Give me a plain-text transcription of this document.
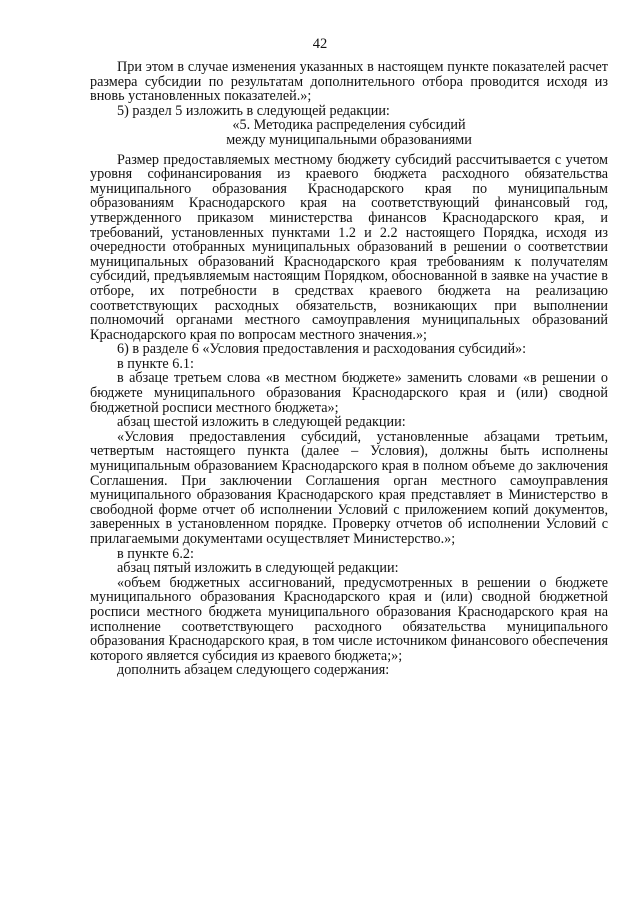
42

При этом в случае изменения указанных в настоящем пункте показателей расчет размера субсидии по результатам дополнительного отбора проводится исходя из вновь установленных показателей.»;

5) раздел 5 изложить в следующей редакции:

«5. Методика распределения субсидий

между муниципальными образованиями

Размер предоставляемых местному бюджету субсидий рассчитывается с учетом уровня софинансирования из краевого бюджета расходного обязательства муниципального образования Краснодарского края по муниципальным образованиям Краснодарского края на соответствующий финансовый год, утвержденного приказом министерства финансов Краснодарского края, и требований, установленных пунктами 1.2 и 2.2 настоящего Порядка, исходя из очередности отобранных муниципальных образований в решении о соответствии муниципальных образований Краснодарского края требованиям к получателям субсидий, предъявляемым настоящим Порядком, обоснованной в заявке на участие в отборе, их потребности в средствах краевого бюджета на реализацию соответствующих расходных обязательств, возникающих при выполнении полномочий органами местного самоуправления муниципальных образований Краснодарского края по вопросам местного значения.»;

6) в разделе 6 «Условия предоставления и расходования субсидий»:

в пункте 6.1:

в абзаце третьем слова «в местном бюджете» заменить словами «в решении о бюджете муниципального образования Краснодарского края и (или) сводной бюджетной росписи местного бюджета»;

абзац шестой изложить в следующей редакции:

«Условия предоставления субсидий, установленные абзацами третьим, четвертым настоящего пункта (далее – Условия), должны быть исполнены муниципальным образованием Краснодарского края в полном объеме до заключения Соглашения. При заключении Соглашения орган местного самоуправления муниципального образования Краснодарского края представляет в Министерство в свободной форме отчет об исполнении Условий с приложением копий документов, заверенных в установленном порядке. Проверку отчетов об исполнении Условий с прилагаемыми документами осуществляет Министерство.»;

в пункте 6.2:

абзац пятый изложить в следующей редакции:

«объем бюджетных ассигнований, предусмотренных в решении о бюджете муниципального образования Краснодарского края и (или) сводной бюджетной росписи местного бюджета муниципального образования Краснодарского края на исполнение соответствующего расходного обязательства муниципального образования Краснодарского края, в том числе источником финансового обеспечения которого является субсидия из краевого бюджета;»;

дополнить абзацем следующего содержания:
